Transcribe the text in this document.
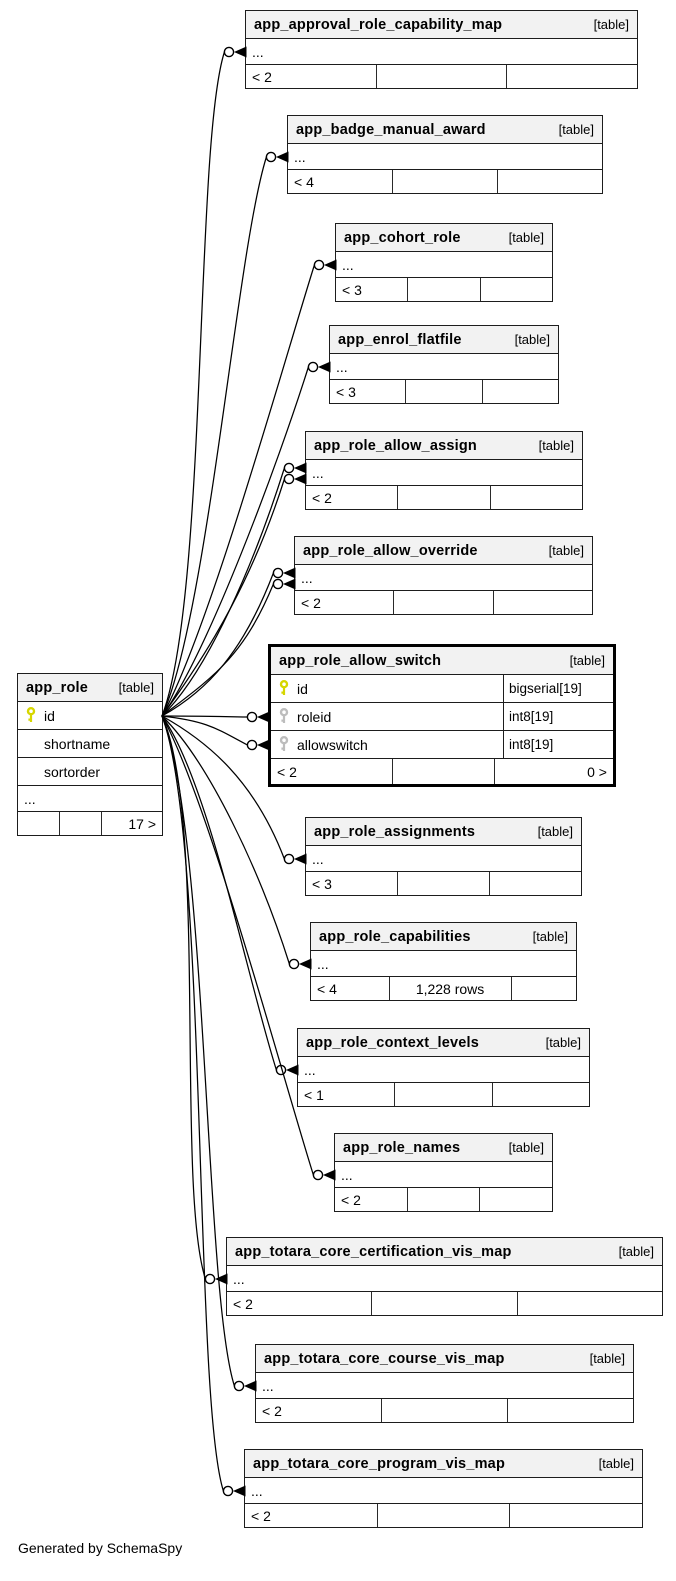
app_role [table]
id
shortname
sortorder
...
17 >
app_approval_role_capability_map	[table]
...
< 2
app_badge_manual_award	[table]
...
< 4
app_cohort_role	[table]
...
< 3
app_enrol_flatfile	[table]
...
< 3
app_role_allow_assign	[table]
...
< 2
app_role_allow_override	[table]
...
< 2
app_role_allow_switch	[table]
id	bigserial[19]
roleid	int8[19]
allowswitch	int8[19]
< 2	0 >
app_role_assignments	[table]
...
< 3
app_role_capabilities	[table]
...
< 4	1,228 rows
app_role_context_levels	[table]
...
< 1
app_role_names	[table]
...
< 2
app_totara_core_certification_vis_map	[table]
...
< 2
app_totara_core_course_vis_map	[table]
...
< 2
app_totara_core_program_vis_map	[table]
...
< 2
Generated by SchemaSpy
